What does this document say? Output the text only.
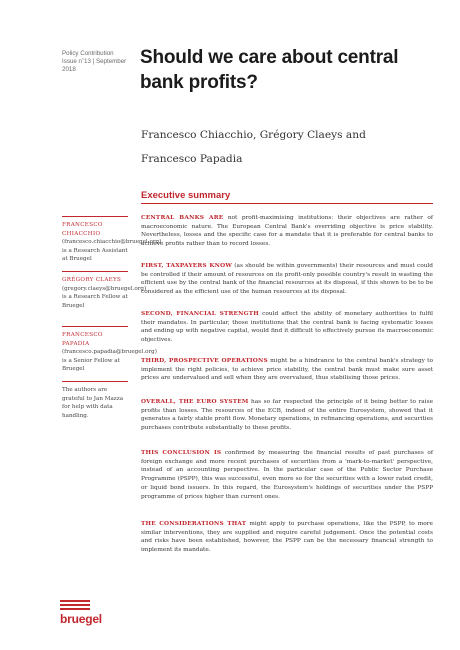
Policy Contribution
Issue n˚13 | September 2018
Should we care about central bank profits?
Francesco Chiacchio, Grégory Claeys and
Francesco Papadia
Executive summary
FRANCESCO CHIACCHIO (francesco.chiacchio@bruegel.org) is a Research Assistant at Bruegel
GRÉGORY CLAEYS (gregory.claeys@bruegel.org) is a Research Fellow at Bruegel
FRANCESCO PAPADIA (francesco.papadia@bruegel.org) is a Senior Fellow at Bruegel
The authors are grateful to Jan Mazza for help with data handling.
CENTRAL BANKS ARE not profit-maximising institutions: their objectives are rather of macroeconomic nature. The European Central Bank's overriding objective is price stability. Nevertheless, losses and the specific case for a mandate that it is preferable for central banks to achieve profits rather than to record losses.
FIRST, TAXPAYERS KNOW (as should be within governments) their resources and must could be controlled if their amount of resources on its profit-only possible country's result in wasting the efficient use by the central bank of the financial resources at its disposal, if this shown to be to be considered as the efficient use of the human resources at its disposal.
SECOND, FINANCIAL STRENGTH could affect the ability of monetary authorities to fulfil their mandates. In particular, those institutions that the central bank is facing systematic losses and ending up with negative capital, would find it difficult to effectively pursue its macroeconomic objectives.
THIRD, PROSPECTIVE OPERATIONS might be a hindrance to the central bank's strategy to implement the right policies, to achieve price stability, the central bank must make sure asset prices are undervalued and sell when they are overvalued, thus stabilising those prices.
OVERALL, THE EURO SYSTEM has so far respected the principle of it being better to raise profits than losses. The resources of the ECB, indeed of the entire Eurosystem, showed that it generates a fairly stable profit flow. Monetary operations, in refinancing operations, and securities purchases contribute substantially to these profits.
THIS CONCLUSION IS confirmed by measuring the financial results of past purchases of foreign exchange and more recent purchases of securities from a 'mark-to-market' perspective, instead of an accounting perspective. In the particular case of the Public Sector Purchase Programme (PSPP), this was successful, even more so for the securities with a lower rated credit, or liquid bond issuers. In this regard, the Eurosystem's holdings of securities under the PSPP programme of prices higher than current ones.
THE CONSIDERATIONS THAT might apply to purchase operations, like the PSPP, to more similar interventions, they are supplied and require careful judgement. Once the potential costs and risks have been established, however, the PSPP can be the necessary financial strength to implement its mandate.
bruegel
